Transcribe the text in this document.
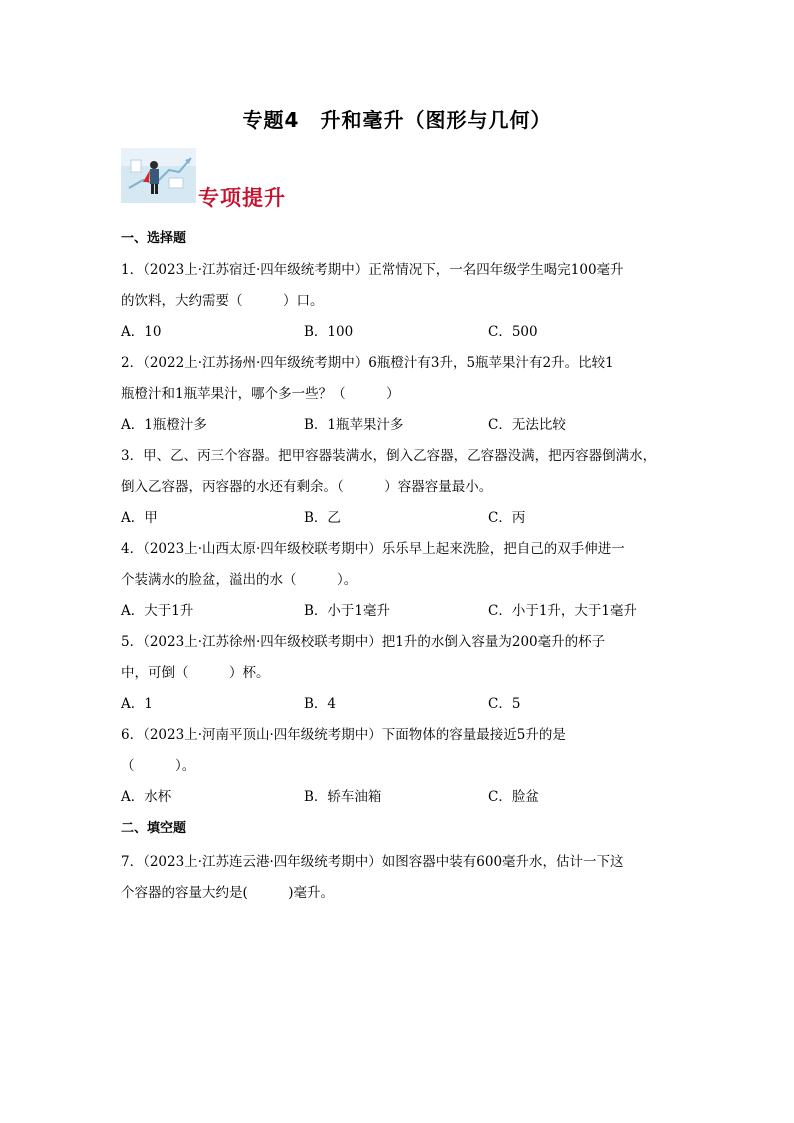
专题4　升和毫升（图形与几何）
专项提升
一、选择题
1．（2023上·江苏宿迁·四年级统考期中）正常情况下，一名四年级学生喝完100毫升
的饮料，大约需要（　　　）口。
A．10	B．100	C．500
2．（2022上·江苏扬州·四年级统考期中）6瓶橙汁有3升，5瓶苹果汁有2升。比较1
瓶橙汁和1瓶苹果汁，哪个多一些？（　　　）
A．1瓶橙汁多	B．1瓶苹果汁多	C．无法比较
3．甲、乙、丙三个容器。把甲容器装满水，倒入乙容器，乙容器没满，把丙容器倒满水，
倒入乙容器，丙容器的水还有剩余。（　　　）容器容量最小。
A．甲	B．乙	C．丙
4．（2023上·山西太原·四年级校联考期中）乐乐早上起来洗脸，把自己的双手伸进一
个装满水的脸盆，溢出的水（　　　）。
A．大于1升	B．小于1毫升	C．小于1升，大于1毫升
5．（2023上·江苏徐州·四年级校联考期中）把1升的水倒入容量为200毫升的杯子
中，可倒（　　　）杯。
A．1	B．4	C．5
6．（2023上·河南平顶山·四年级统考期中）下面物体的容量最接近5升的是
（　　　）。
A．水杯	B．轿车油箱	C．脸盆
二、填空题
7．（2023上·江苏连云港·四年级统考期中）如图容器中装有600毫升水，估计一下这
个容器的容量大约是(　　　)毫升。
